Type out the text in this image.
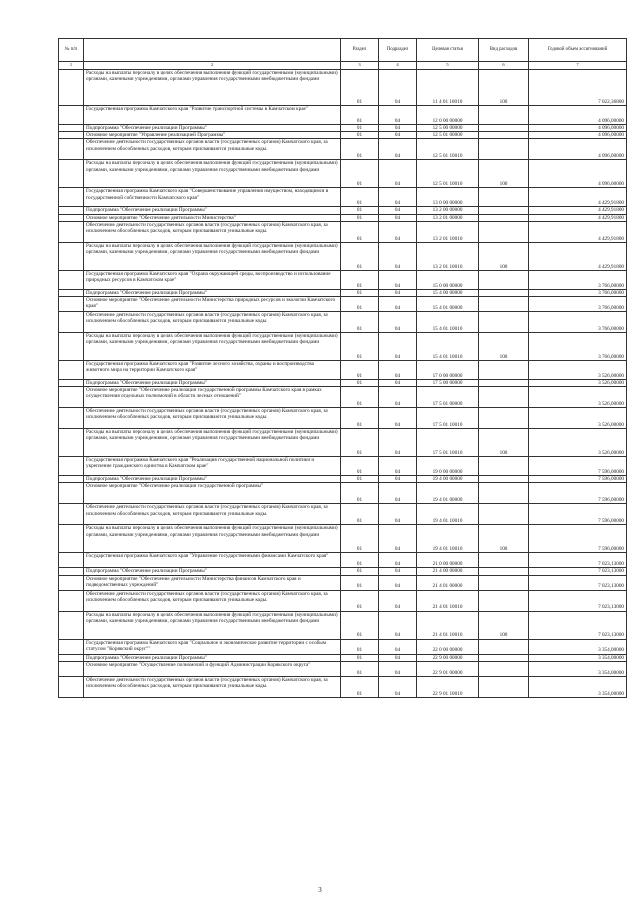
№ п/п		Раздел	Подраздел	Целевая статья	Вид расходов	Годовой объем ассигнований
1	2	3	4	5	6	7
	Расходы на выплаты персоналу в целях обеспечения выполнения функций государственными (муниципальными) органами, казенными учреждениями, органами управления государственными внебюджетными фондами	01	04	11 4 01 10010	100	7 022,36800
	Государственная программа Камчатского края "Развитие транспортной системы в Камчатском крае"	01	04	12 0 00 00000		4 096,00000
	Подпрограмма "Обеспечение реализации Программы"	01	04	12 5 00 00000		4 096,00000
	Основное мероприятие "Управление реализацией Программы"	01	04	12 5 01 00000		4 096,00000
	Обеспечение деятельности государственных органов власти (государственных органов) Камчатского края, за исключением обособленных расходов, которым присваиваются уникальные коды.	01	04	12 5 01 10010		4 096,00000
	Расходы на выплаты персоналу в целях обеспечения выполнения функций государственными (муниципальными) органами, казенными учреждениями, органами управления государственными внебюджетными фондами	01	04	12 5 01 10010	100	4 096,00000
	Государственная программа Камчатского края "Совершенствование управления имуществом, находящимся в государственной собственности Камчатского края"	01	04	13 0 00 00000		4 429,91800
	Подпрограмма "Обеспечение реализации Программы"	01	04	13 2 00 00000		4 429,91800
	Основное мероприятие "Обеспечение деятельности Министерства"	01	04	13 2 01 00000		4 429,91800
	Обеспечение деятельности государственных органов власти (государственных органов) Камчатского края, за исключением обособленных расходов, которым присваиваются уникальные коды.	01	04	13 2 01 10010		4 429,91800
	Расходы на выплаты персоналу в целях обеспечения выполнения функций государственными (муниципальными) органами, казенными учреждениями, органами управления государственными внебюджетными фондами	01	04	13 2 01 10010	100	4 429,91800
	Государственная программа Камчатского края "Охрана окружающей среды, воспроизводство и использование природных ресурсов в Камчатском крае"	01	04	15 0 00 00000		3 766,00000
	Подпрограмма "Обеспечение реализации Программы"	01	04	15 4 00 00000		3 766,00000
	Основное мероприятие "Обеспечение деятельности Министерства природных ресурсов и экологии Камчатского края"	01	04	15 4 01 00000		3 766,00000
	Обеспечение деятельности государственных органов власти (государственных органов) Камчатского края, за исключением обособленных расходов, которым присваиваются уникальные коды.	01	04	15 4 01 10010		3 766,00000
	Расходы на выплаты персоналу в целях обеспечения выполнения функций государственными (муниципальными) органами, казенными учреждениями, органами управления государственными внебюджетными фондами	01	04	15 4 01 10010	100	3 766,00000
	Государственная программа Камчатского края "Развитие лесного хозяйства, охраны и воспроизводства животного мира на территории Камчатского края"	01	04	17 0 00 00000		3 526,00000
	Подпрограмма "Обеспечение реализации Программы"	01	04	17 5 00 00000		3 526,00000
	Основное мероприятие "Обеспечение реализации государственной программы Камчатского края в рамках осуществления отдельных полномочий в области лесных отношений"	01	04	17 5 01 00000		3 526,00000
	Обеспечение деятельности государственных органов власти (государственных органов) Камчатского края, за исключением обособленных расходов, которым присваиваются уникальные коды.	01	04	17 5 01 10010		3 526,00000
	Расходы на выплаты персоналу в целях обеспечения выполнения функций государственными (муниципальными) органами, казенными учреждениями, органами управления государственными внебюджетными фондами	01	04	17 5 01 10010	100	3 526,00000
	Государственная программа Камчатского края "Реализация государственной национальной политики и укрепление гражданского единства в Камчатском крае"	01	04	19 0 00 00000		7 596,00000
	Подпрограмма "Обеспечение реализации Программы"	01	04	19 4 00 00000		7 596,00000
	Основное мероприятие "Обеспечение реализации государственной программы"	01	04	19 4 01 00000		7 596,00000
	Обеспечение деятельности государственных органов власти (государственных органов) Камчатского края, за исключением обособленных расходов, которым присваиваются уникальные коды.	01	04	19 4 01 10010		7 596,00000
	Расходы на выплаты персоналу в целях обеспечения выполнения функций государственными (муниципальными) органами, казенными учреждениями, органами управления государственными внебюджетными фондами	01	04	19 4 01 10010	100	7 596,00000
	Государственная программа Камчатского края "Управление государственными финансами Камчатского края"	01	04	21 0 00 00000		7 023,13000
	Подпрограмма "Обеспечение реализации Программы"	01	04	21 4 00 00000		7 023,13000
	Основное мероприятие "Обеспечение деятельности Министерства финансов Камчатского края и подведомственных учреждений"	01	04	21 4 01 00000		7 023,13000
	Обеспечение деятельности государственных органов власти (государственных органов) Камчатского края, за исключением обособленных расходов, которым присваиваются уникальные коды.	01	04	21 4 01 10010		7 023,13000
	Расходы на выплаты персоналу в целях обеспечения выполнения функций государственными (муниципальными) органами, казенными учреждениями, органами управления государственными внебюджетными фондами	01	04	21 4 01 10010	100	7 023,13000
	Государственная программа Камчатского края "Социальное и экономическое развитие территории с особым статусом "Корякский округ""	01	04	22 0 00 00000		3 354,00000
	Подпрограмма "Обеспечение реализации Программы"	01	04	22 9 00 00000		3 354,00000
	Основное мероприятие "Осуществление полномочий и функций Администрации Корякского округа"	01	04	22 9 01 00000		3 354,00000
	Обеспечение деятельности государственных органов власти (государственных органов) Камчатского края, за исключением обособленных расходов, которым присваиваются уникальные коды.	01	04	22 9 01 10010		3 354,00000
3
